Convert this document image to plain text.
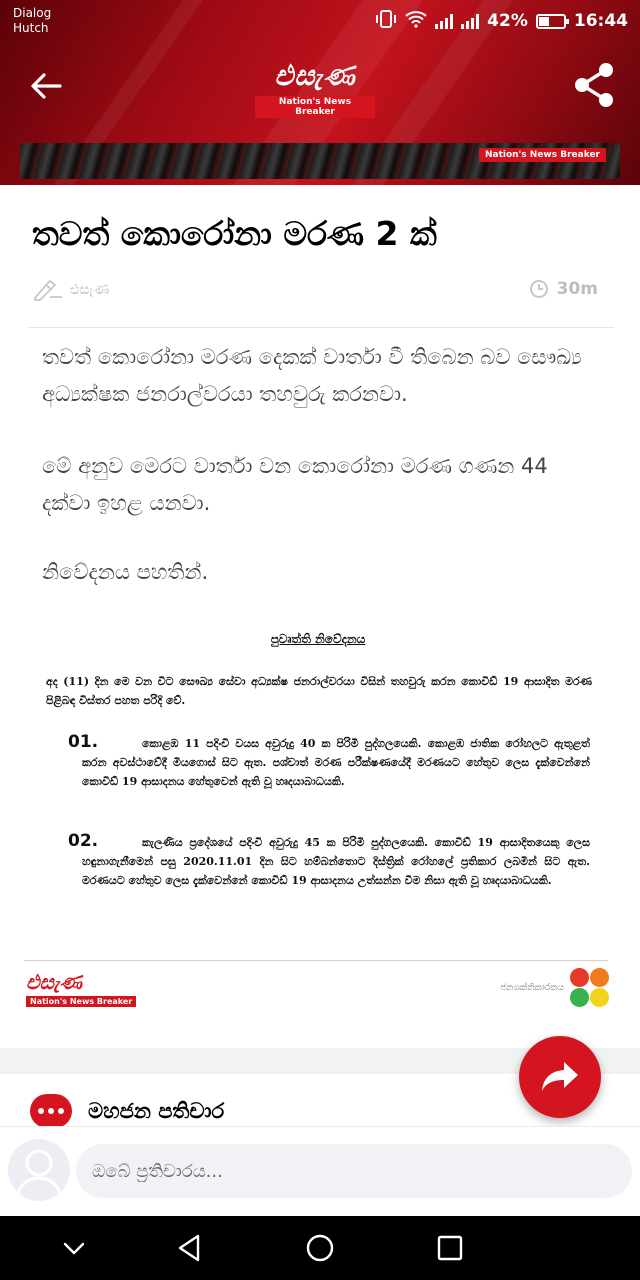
Dialog
Hutch	42%	16:44
එසැණ
Nation's News Breaker
Nation's News Breaker
තවත් කොරෝනා මරණ 2 ක්
එසැණ	30m

තවත් කොරෝනා මරණ දෙකක් වාර්තා වී තිබෙන බව සෞඛ්‍ය අධ්‍යක්ෂක ජනරාල්වරයා තහවුරු කරනවා.

මේ අනුව මෙරට වාර්තා වන කොරෝනා මරණ ගණන 44 දක්වා ඉහළ යනවා.

නිවේදනය පහතින්.

පුවෘත්ති නිවේදනය
අද (11) දින මෙ වන විට සෞඛ්‍ය සේවා අධ්‍යක්ෂ ජනරාල්වරයා විසින් තහවුරු කරන කොවිඩ් 19 ආසාදිත මරණ පිළිබඳ විස්තර පහත පරිදි වේ.
01.	කොළඹ 11 පදිංචි වයස අවුරුදු 40 ක පිරිමි පුද්ගලයෙකි. කොළඹ ජාතික රෝහලට ඇතුළත් කරන අවස්ථාවේදී මියගොස් සිට ඇත. පශ්චාත් මරණ පරීක්ෂණයේදී මරණයට හේතුව ලෙස දැක්වෙන්නේ කොවිඩ් 19 ආසාදනය හේතුවෙන් ඇති වූ හෘදයාබාධයකි.
02.	කැලණිය ප්‍රදේශයේ පදිංචි අවුරුදු 45 ක පිරිමි පුද්ගලයෙකි. කොවිඩ් 19 ආසාදිතයෙකු ලෙස හඳුනාගැනීමෙන් පසු 2020.11.01 දින සිට හම්බන්තොට දිස්ත්‍රික් රෝහලේ ප්‍රතිකාර ලබමින් සිට ඇත. මරණයට හේතුව ලෙස දැක්වෙන්නේ කොවිඩ් 19 ආසාදනය උත්සන්න වීම නිසා ඇති වූ හෘදයාබාධයකි.
එසැණ
Nation's News Breaker
ජනශක්තිකාරකය
මහජන පතිචාර
ඔබේ ප්‍රතිචාරය...
